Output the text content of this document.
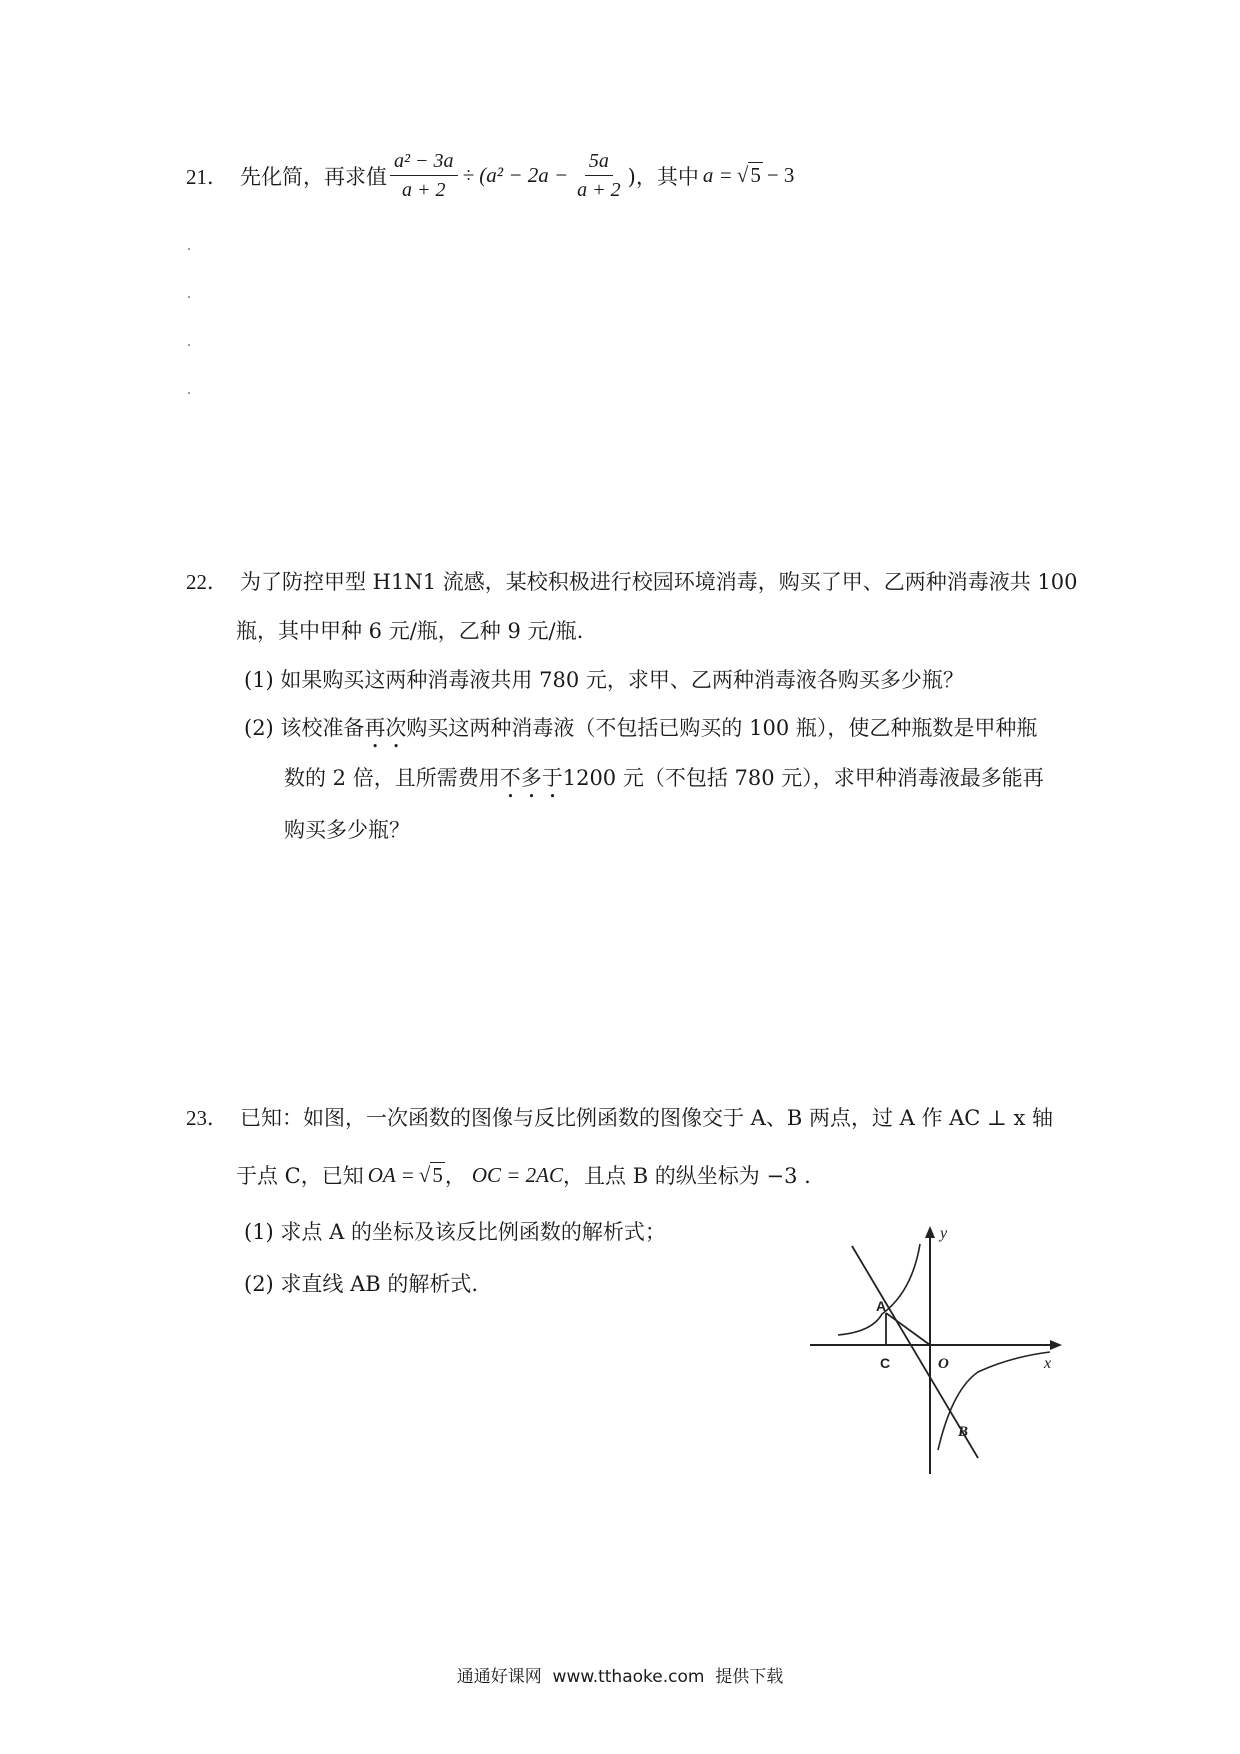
21． 先化简，再求值 $\frac{\text{a² − 3a}}{a + 2} \div (a^2 - 2a - \frac{5a}{a + 2}$ )，其中 a = √5 − 3
22． 为了防控甲型 H1N1 流感，某校积极进行校园环境消毒，购买了甲、乙两种消毒液共 100
瓶，其中甲种 6 元/瓶，乙种 9 元/瓶.
(1) 如果购买这两种消毒液共用 780 元，求甲、乙两种消毒液各购买多少瓶？
(2) 该校准备再次购买这两种消毒液（不包括已购买的 100 瓶），使乙种瓶数是甲种瓶
数的 2 倍，且所需费用不多于1200 元（不包括 780 元），求甲种消毒液最多能再
购买多少瓶？
23． 已知：如图，一次函数的图像与反比例函数的图像交于 A、B 两点，过 A 作 AC ⊥ x 轴
于点 C，已知 OA = √5 ， OC = 2AC ，且点 B 的纵坐标为 −3 .
(1) 求点 A 的坐标及该反比例函数的解析式；
(2) 求直线 AB 的解析式.
y
x
A
C	O
B
通通好课网  www.tthaoke.com  提供下载
